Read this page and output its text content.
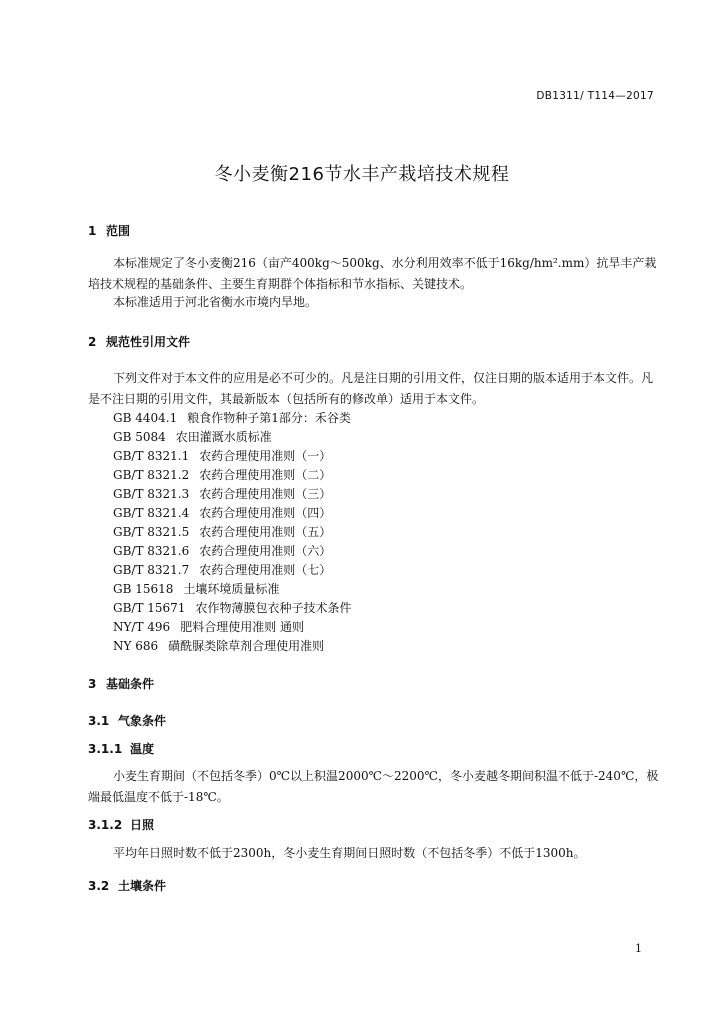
DB1311/ T114—2017
冬小麦衡216节水丰产栽培技术规程
1 范围
本标准规定了冬小麦衡216（亩产400kg～500kg、水分利用效率不低于16kg/hm².mm）抗旱丰产栽培技术规程的基础条件、主要生育期群个体指标和节水指标、关键技术。
本标准适用于河北省衡水市境内旱地。
2 规范性引用文件
下列文件对于本文件的应用是必不可少的。凡是注日期的引用文件，仅注日期的版本适用于本文件。凡是不注日期的引用文件，其最新版本（包括所有的修改单）适用于本文件。
GB 4404.1 粮食作物种子第1部分：禾谷类
GB 5084 农田灌溉水质标准
GB/T 8321.1 农药合理使用准则（一）
GB/T 8321.2 农药合理使用准则（二）
GB/T 8321.3 农药合理使用准则（三）
GB/T 8321.4 农药合理使用准则（四）
GB/T 8321.5 农药合理使用准则（五）
GB/T 8321.6 农药合理使用准则（六）
GB/T 8321.7 农药合理使用准则（七）
GB 15618 土壤环境质量标准
GB/T 15671 农作物薄膜包衣种子技术条件
NY/T 496 肥料合理使用准则 通则
NY 686 磺酰脲类除草剂合理使用准则
3 基础条件
3.1 气象条件
3.1.1 温度
小麦生育期间（不包括冬季）0℃以上积温2000℃～2200℃，冬小麦越冬期间积温不低于-240℃，极端最低温度不低于-18℃。
3.1.2 日照
平均年日照时数不低于2300h，冬小麦生育期间日照时数（不包括冬季）不低于1300h。
3.2 土壤条件
1
